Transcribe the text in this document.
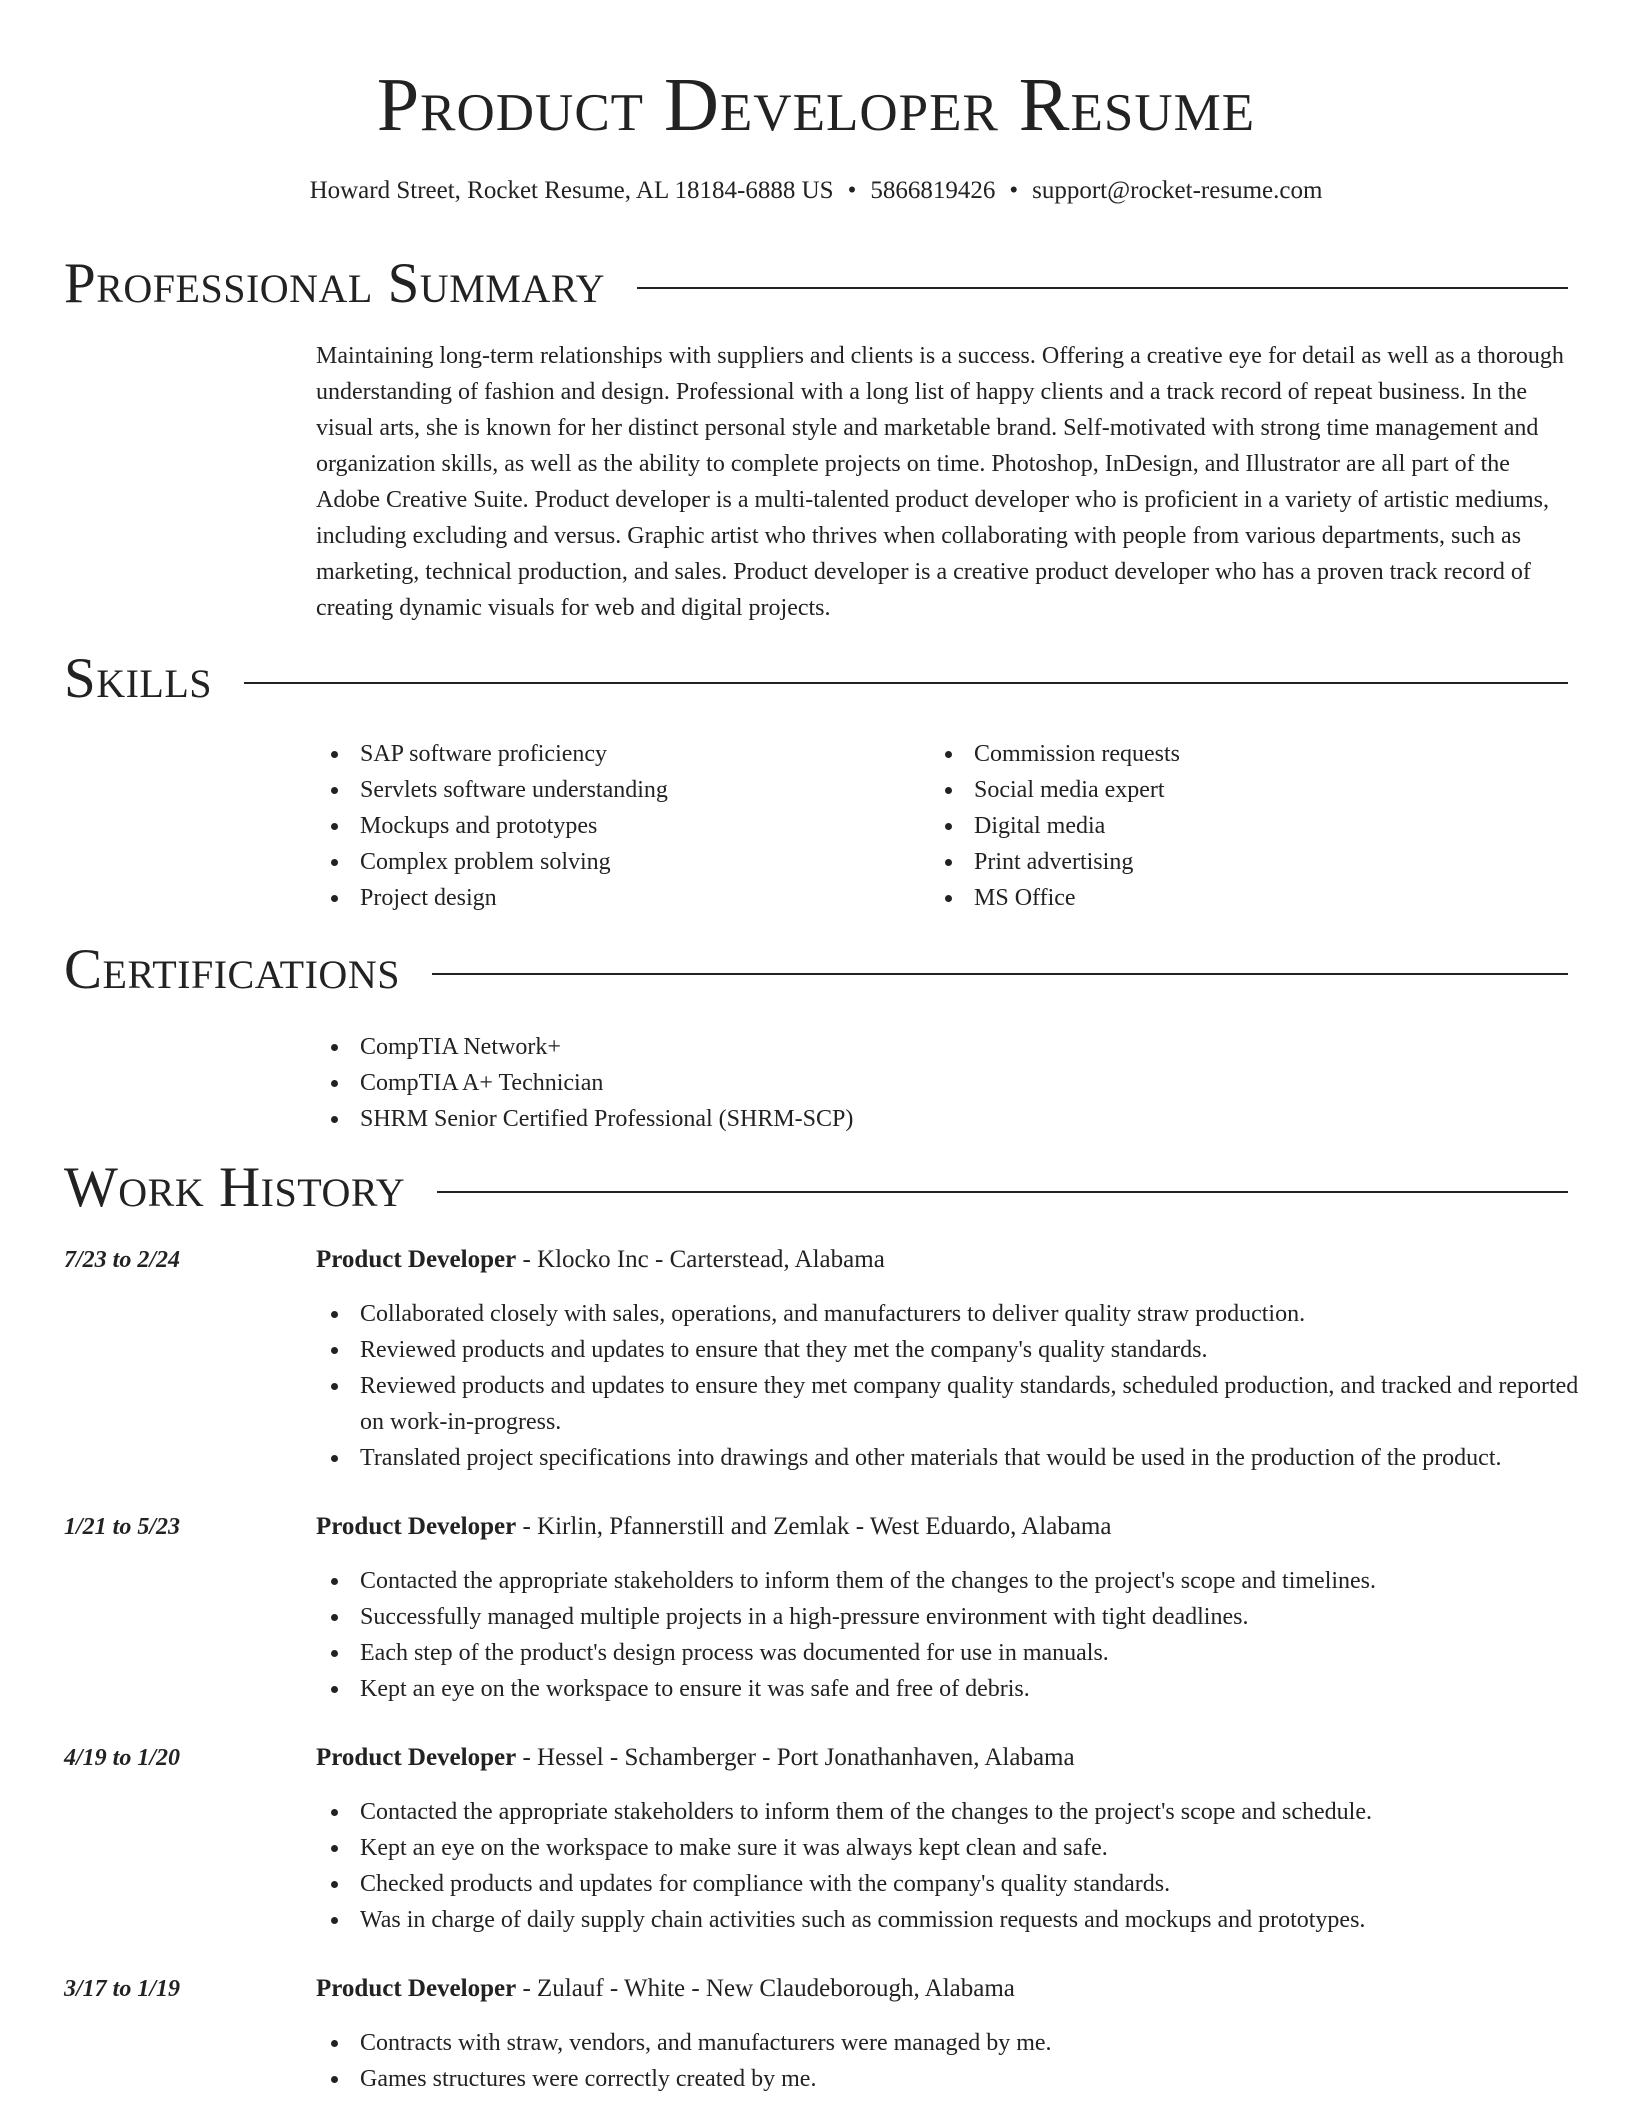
Product Developer Resume
Howard Street, Rocket Resume, AL 18184-6888 US • 5866819426 • support@rocket-resume.com
Professional Summary

Maintaining long-term relationships with suppliers and clients is a success. Offering a creative eye for detail as well as a thorough understanding of fashion and design. Professional with a long list of happy clients and a track record of repeat business. In the visual arts, she is known for her distinct personal style and marketable brand. Self-motivated with strong time management and organization skills, as well as the ability to complete projects on time. Photoshop, InDesign, and Illustrator are all part of the Adobe Creative Suite. Product developer is a multi-talented product developer who is proficient in a variety of artistic mediums, including excluding and versus. Graphic artist who thrives when collaborating with people from various departments, such as marketing, technical production, and sales. Product developer is a creative product developer who has a proven track record of creating dynamic visuals for web and digital projects.

Skills
SAP software proficiency
Servlets software understanding
Mockups and prototypes
Complex problem solving
Project design
Commission requests
Social media expert
Digital media
Print advertising
MS Office
Certifications
CompTIA Network+
CompTIA A+ Technician
SHRM Senior Certified Professional (SHRM-SCP)
Work History
7/23 to 2/24	Product Developer - Klocko Inc - Carterstead, Alabama
Collaborated closely with sales, operations, and manufacturers to deliver quality straw production.
Reviewed products and updates to ensure that they met the company's quality standards.
Reviewed products and updates to ensure they met company quality standards, scheduled production, and tracked and reported on work-in-progress.
Translated project specifications into drawings and other materials that would be used in the production of the product.
1/21 to 5/23	Product Developer - Kirlin, Pfannerstill and Zemlak - West Eduardo, Alabama
Contacted the appropriate stakeholders to inform them of the changes to the project's scope and timelines.
Successfully managed multiple projects in a high-pressure environment with tight deadlines.
Each step of the product's design process was documented for use in manuals.
Kept an eye on the workspace to ensure it was safe and free of debris.
4/19 to 1/20	Product Developer - Hessel - Schamberger - Port Jonathanhaven, Alabama
Contacted the appropriate stakeholders to inform them of the changes to the project's scope and schedule.
Kept an eye on the workspace to make sure it was always kept clean and safe.
Checked products and updates for compliance with the company's quality standards.
Was in charge of daily supply chain activities such as commission requests and mockups and prototypes.
3/17 to 1/19	Product Developer - Zulauf - White - New Claudeborough, Alabama
Contracts with straw, vendors, and manufacturers were managed by me.
Games structures were correctly created by me.
